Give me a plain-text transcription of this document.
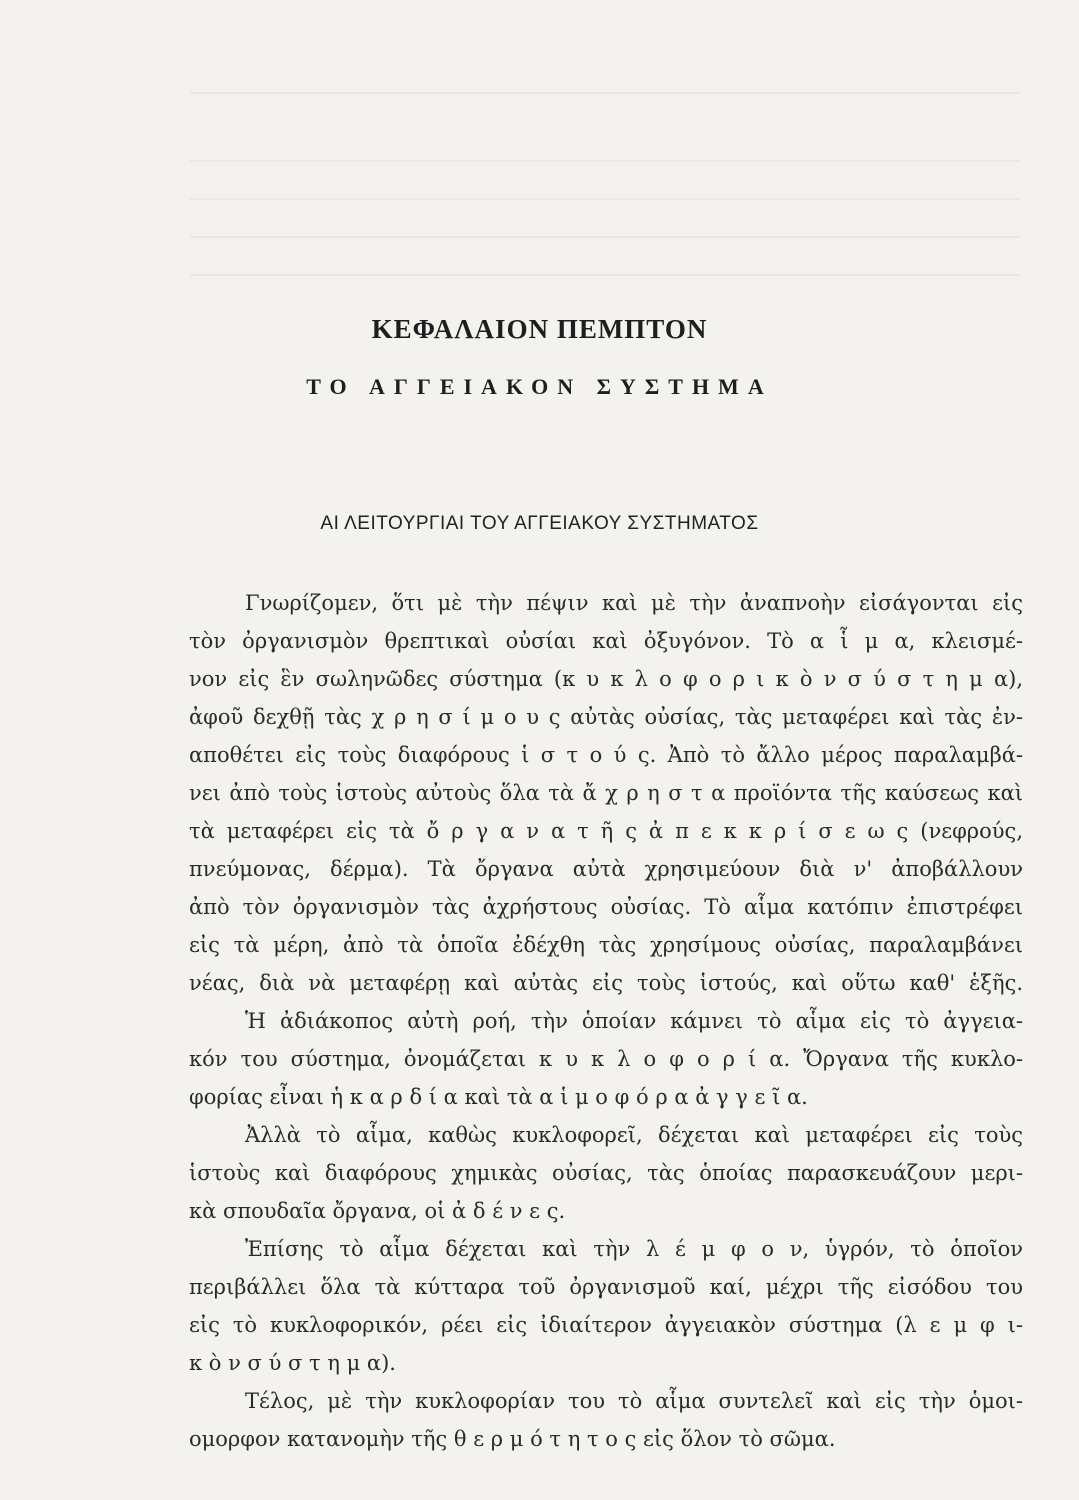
ΚΕΦΑΛΑΙΟΝ ΠΕΜΠΤΟΝ
ΤΟ ΑΓΓΕΙΑΚΟΝ ΣΥΣΤΗΜΑ
ΑΙ ΛΕΙΤΟΥΡΓΙΑΙ ΤΟΥ ΑΓΓΕΙΑΚΟΥ ΣΥΣΤΗΜΑΤΟΣ
Γνωρίζομεν, ὅτι μὲ τὴν πέψιν καὶ μὲ τὴν ἀναπνοὴν εἰσάγονται εἰς
τὸν ὀργανισμὸν θρεπτικαὶ οὐσίαι καὶ ὀξυγόνον. Τὸ α ἷ μ α, κλεισμέ-
νον εἰς ἓν σωληνῶδες σύστημα (κ υ κ λ ο φ ο ρ ι κ ὸ ν σ ύ σ τ η μ α),
ἀφοῦ δεχθῇ τὰς χ ρ η σ ί μ ο υ ς αὐτὰς οὐσίας, τὰς μεταφέρει καὶ τὰς ἐν-
αποθέτει εἰς τοὺς διαφόρους ἱ σ τ ο ύ ς. Ἀπὸ τὸ ἄλλο μέρος παραλαμβά-
νει ἀπὸ τοὺς ἱστοὺς αὐτοὺς ὅλα τὰ ἄ χ ρ η σ τ α προϊόντα τῆς καύσεως καὶ
τὰ μεταφέρει εἰς τὰ ὄ ρ γ α ν α τ ῆ ς ἀ π ε κ κ ρ ί σ ε ω ς (νεφρούς,
πνεύμονας, δέρμα). Τὰ ὄργανα αὐτὰ χρησιμεύουν διὰ ν' ἀποβάλλουν
ἀπὸ τὸν ὀργανισμὸν τὰς ἀχρήστους οὐσίας. Τὸ αἷμα κατόπιν ἐπιστρέφει
εἰς τὰ μέρη, ἀπὸ τὰ ὁποῖα ἐδέχθη τὰς χρησίμους οὐσίας, παραλαμβάνει
νέας, διὰ νὰ μεταφέρῃ καὶ αὐτὰς εἰς τοὺς ἱστούς, καὶ οὕτω καθ' ἑξῆς.
Ἡ ἀδιάκοπος αὐτὴ ροή, τὴν ὁποίαν κάμνει τὸ αἷμα εἰς τὸ ἀγγεια-
κόν του σύστημα, ὀνομάζεται κ υ κ λ ο φ ο ρ ί α. Ὄργανα τῆς κυκλο-
φορίας εἶναι ἡ κ α ρ δ ί α καὶ τὰ α ἱ μ ο φ ό ρ α ἀ γ γ ε ῖ α.
Ἀλλὰ τὸ αἷμα, καθὼς κυκλοφορεῖ, δέχεται καὶ μεταφέρει εἰς τοὺς
ἱστοὺς καὶ διαφόρους χημικὰς οὐσίας, τὰς ὁποίας παρασκευάζουν μερι-
κὰ σπουδαῖα ὄργανα, οἱ ἀ δ έ ν ε ς.
Ἐπίσης τὸ αἷμα δέχεται καὶ τὴν λ έ μ φ ο ν, ὑγρόν, τὸ ὁποῖον
περιβάλλει ὅλα τὰ κύτταρα τοῦ ὀργανισμοῦ καί, μέχρι τῆς εἰσόδου του
εἰς τὸ κυκλοφορικόν, ρέει εἰς ἰδιαίτερον ἀγγειακὸν σύστημα (λ ε μ φ ι-
κ ὸ ν σ ύ σ τ η μ α).
Τέλος, μὲ τὴν κυκλοφορίαν του τὸ αἷμα συντελεῖ καὶ εἰς τὴν ὁμοι-
ομορφον κατανομὴν τῆς θ ε ρ μ ό τ η τ ο ς εἰς ὅλον τὸ σῶμα.
